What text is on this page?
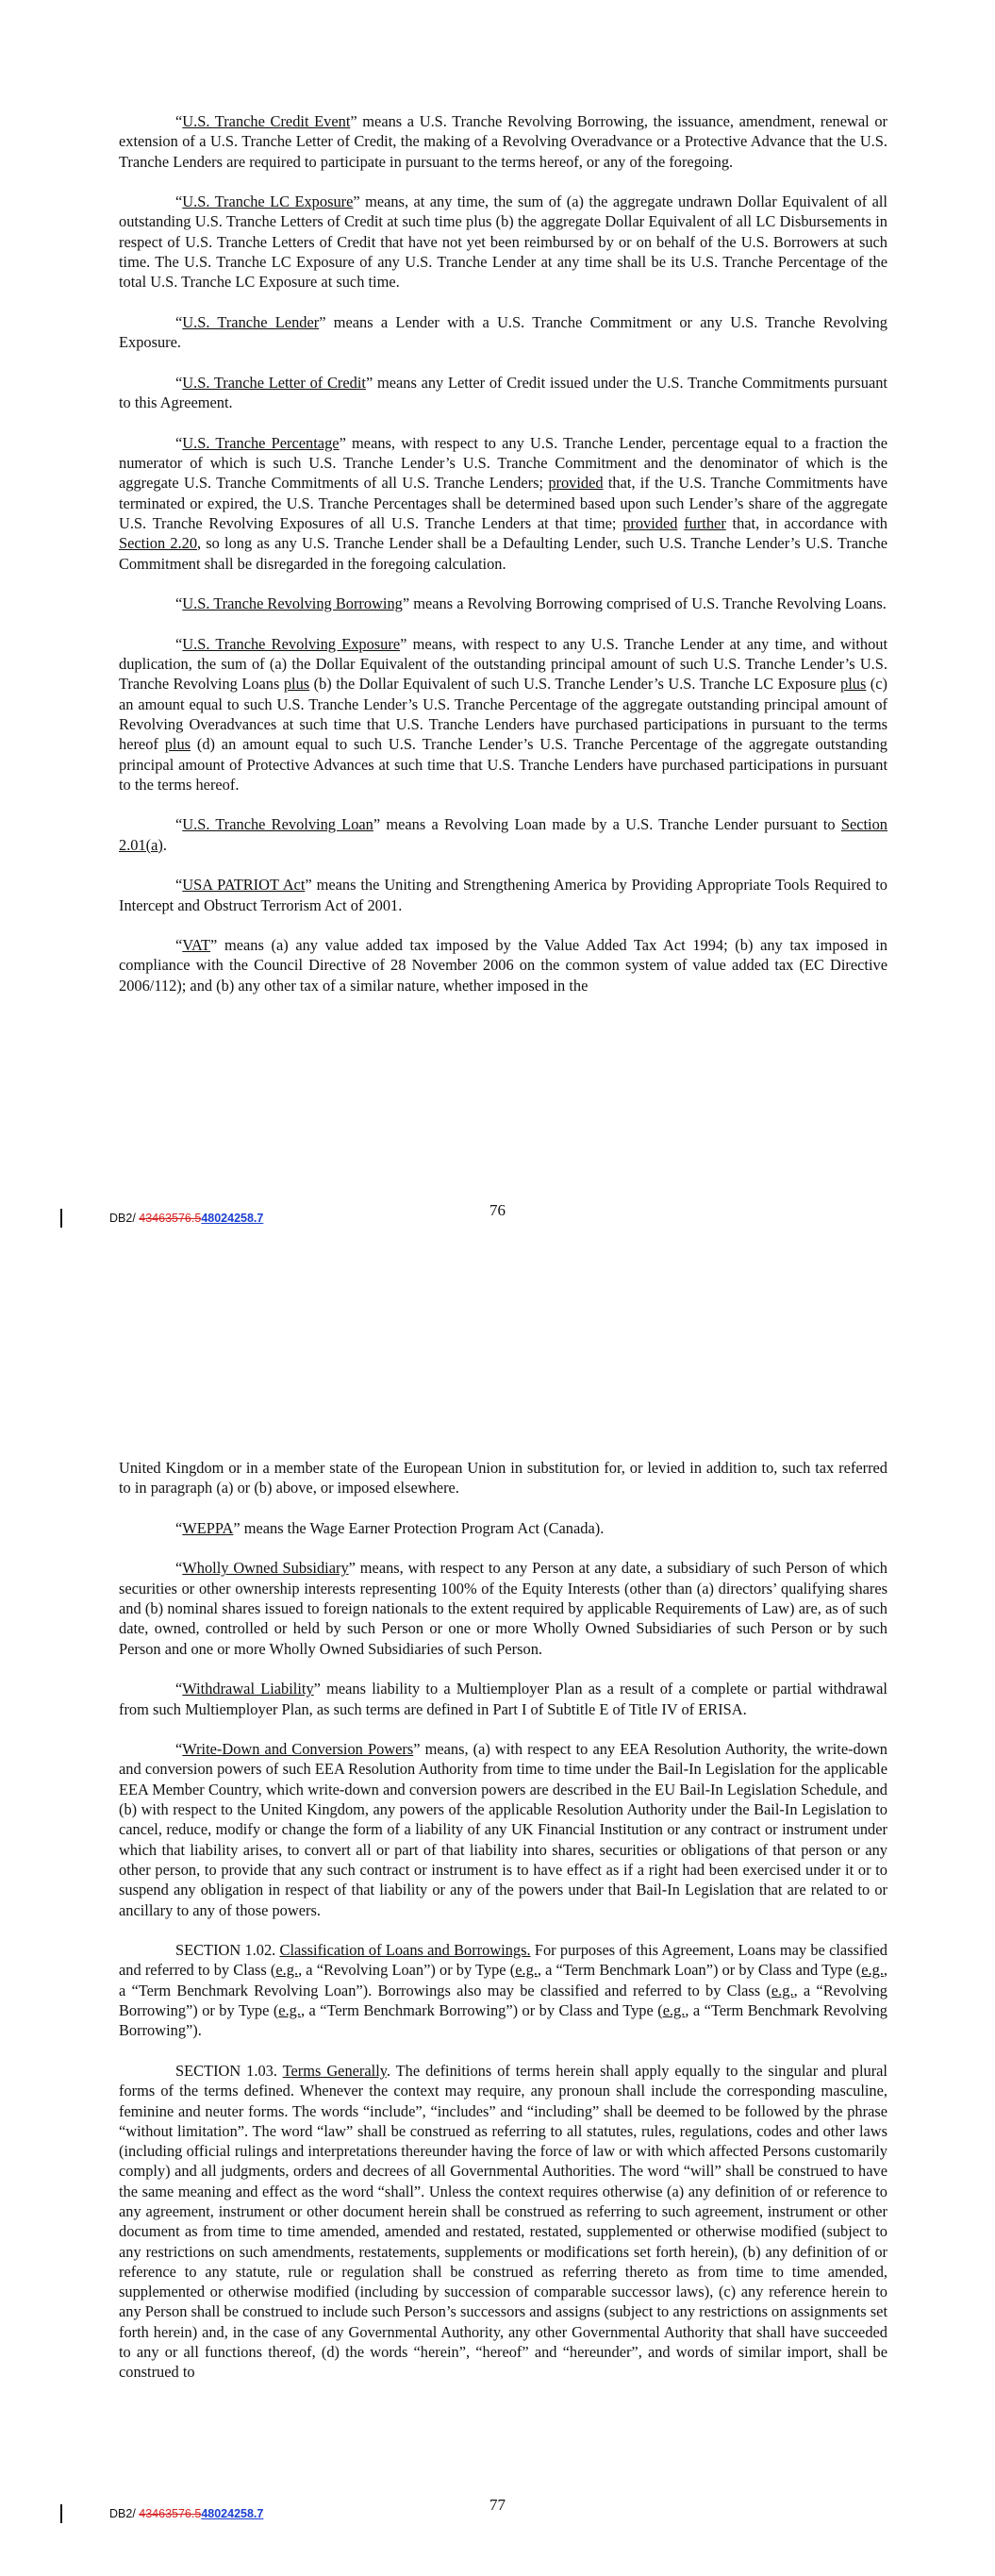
“U.S. Tranche Credit Event” means a U.S. Tranche Revolving Borrowing, the issuance, amendment, renewal or extension of a U.S. Tranche Letter of Credit, the making of a Revolving Overadvance or a Protective Advance that the U.S. Tranche Lenders are required to participate in pursuant to the terms hereof, or any of the foregoing.

“U.S. Tranche LC Exposure” means, at any time, the sum of (a) the aggregate undrawn Dollar Equivalent of all outstanding U.S. Tranche Letters of Credit at such time plus (b) the aggregate Dollar Equivalent of all LC Disbursements in respect of U.S. Tranche Letters of Credit that have not yet been reimbursed by or on behalf of the U.S. Borrowers at such time. The U.S. Tranche LC Exposure of any U.S. Tranche Lender at any time shall be its U.S. Tranche Percentage of the total U.S. Tranche LC Exposure at such time.

“U.S. Tranche Lender” means a Lender with a U.S. Tranche Commitment or any U.S. Tranche Revolving Exposure.

“U.S. Tranche Letter of Credit” means any Letter of Credit issued under the U.S. Tranche Commitments pursuant to this Agreement.

“U.S. Tranche Percentage” means, with respect to any U.S. Tranche Lender, percentage equal to a fraction the numerator of which is such U.S. Tranche Lender’s U.S. Tranche Commitment and the denominator of which is the aggregate U.S. Tranche Commitments of all U.S. Tranche Lenders; provided that, if the U.S. Tranche Commitments have terminated or expired, the U.S. Tranche Percentages shall be determined based upon such Lender’s share of the aggregate U.S. Tranche Revolving Exposures of all U.S. Tranche Lenders at that time; provided further that, in accordance with Section 2.20, so long as any U.S. Tranche Lender shall be a Defaulting Lender, such U.S. Tranche Lender’s U.S. Tranche Commitment shall be disregarded in the foregoing calculation.

“U.S. Tranche Revolving Borrowing” means a Revolving Borrowing comprised of U.S. Tranche Revolving Loans.

“U.S. Tranche Revolving Exposure” means, with respect to any U.S. Tranche Lender at any time, and without duplication, the sum of (a) the Dollar Equivalent of the outstanding principal amount of such U.S. Tranche Lender’s U.S. Tranche Revolving Loans plus (b) the Dollar Equivalent of such U.S. Tranche Lender’s U.S. Tranche LC Exposure plus (c) an amount equal to such U.S. Tranche Lender’s U.S. Tranche Percentage of the aggregate outstanding principal amount of Revolving Overadvances at such time that U.S. Tranche Lenders have purchased participations in pursuant to the terms hereof plus (d) an amount equal to such U.S. Tranche Lender’s U.S. Tranche Percentage of the aggregate outstanding principal amount of Protective Advances at such time that U.S. Tranche Lenders have purchased participations in pursuant to the terms hereof.

“U.S. Tranche Revolving Loan” means a Revolving Loan made by a U.S. Tranche Lender pursuant to Section 2.01(a).

“USA PATRIOT Act” means the Uniting and Strengthening America by Providing Appropriate Tools Required to Intercept and Obstruct Terrorism Act of 2001.

“VAT” means (a) any value added tax imposed by the Value Added Tax Act 1994; (b) any tax imposed in compliance with the Council Directive of 28 November 2006 on the common system of value added tax (EC Directive 2006/112); and (b) any other tax of a similar nature, whether imposed in the

76
DB2/ 43463576.548024258.7

United Kingdom or in a member state of the European Union in substitution for, or levied in addition to, such tax referred to in paragraph (a) or (b) above, or imposed elsewhere.

“WEPPA” means the Wage Earner Protection Program Act (Canada).

“Wholly Owned Subsidiary” means, with respect to any Person at any date, a subsidiary of such Person of which securities or other ownership interests representing 100% of the Equity Interests (other than (a) directors’ qualifying shares and (b) nominal shares issued to foreign nationals to the extent required by applicable Requirements of Law) are, as of such date, owned, controlled or held by such Person or one or more Wholly Owned Subsidiaries of such Person or by such Person and one or more Wholly Owned Subsidiaries of such Person.

“Withdrawal Liability” means liability to a Multiemployer Plan as a result of a complete or partial withdrawal from such Multiemployer Plan, as such terms are defined in Part I of Subtitle E of Title IV of ERISA.

“Write-Down and Conversion Powers” means, (a) with respect to any EEA Resolution Authority, the write-down and conversion powers of such EEA Resolution Authority from time to time under the Bail-In Legislation for the applicable EEA Member Country, which write-down and conversion powers are described in the EU Bail-In Legislation Schedule, and (b) with respect to the United Kingdom, any powers of the applicable Resolution Authority under the Bail-In Legislation to cancel, reduce, modify or change the form of a liability of any UK Financial Institution or any contract or instrument under which that liability arises, to convert all or part of that liability into shares, securities or obligations of that person or any other person, to provide that any such contract or instrument is to have effect as if a right had been exercised under it or to suspend any obligation in respect of that liability or any of the powers under that Bail-In Legislation that are related to or ancillary to any of those powers.

SECTION 1.02. Classification of Loans and Borrowings. For purposes of this Agreement, Loans may be classified and referred to by Class (e.g., a “Revolving Loan”) or by Type (e.g., a “Term Benchmark Loan”) or by Class and Type (e.g., a “Term Benchmark Revolving Loan”). Borrowings also may be classified and referred to by Class (e.g., a “Revolving Borrowing”) or by Type (e.g., a “Term Benchmark Borrowing”) or by Class and Type (e.g., a “Term Benchmark Revolving Borrowing”).

SECTION 1.03. Terms Generally. The definitions of terms herein shall apply equally to the singular and plural forms of the terms defined. Whenever the context may require, any pronoun shall include the corresponding masculine, feminine and neuter forms. The words “include”, “includes” and “including” shall be deemed to be followed by the phrase “without limitation”. The word “law” shall be construed as referring to all statutes, rules, regulations, codes and other laws (including official rulings and interpretations thereunder having the force of law or with which affected Persons customarily comply) and all judgments, orders and decrees of all Governmental Authorities. The word “will” shall be construed to have the same meaning and effect as the word “shall”. Unless the context requires otherwise (a) any definition of or reference to any agreement, instrument or other document herein shall be construed as referring to such agreement, instrument or other document as from time to time amended, amended and restated, restated, supplemented or otherwise modified (subject to any restrictions on such amendments, restatements, supplements or modifications set forth herein), (b) any definition of or reference to any statute, rule or regulation shall be construed as referring thereto as from time to time amended, supplemented or otherwise modified (including by succession of comparable successor laws), (c) any reference herein to any Person shall be construed to include such Person’s successors and assigns (subject to any restrictions on assignments set forth herein) and, in the case of any Governmental Authority, any other Governmental Authority that shall have succeeded to any or all functions thereof, (d) the words “herein”, “hereof” and “hereunder”, and words of similar import, shall be construed to

77
DB2/ 43463576.548024258.7
